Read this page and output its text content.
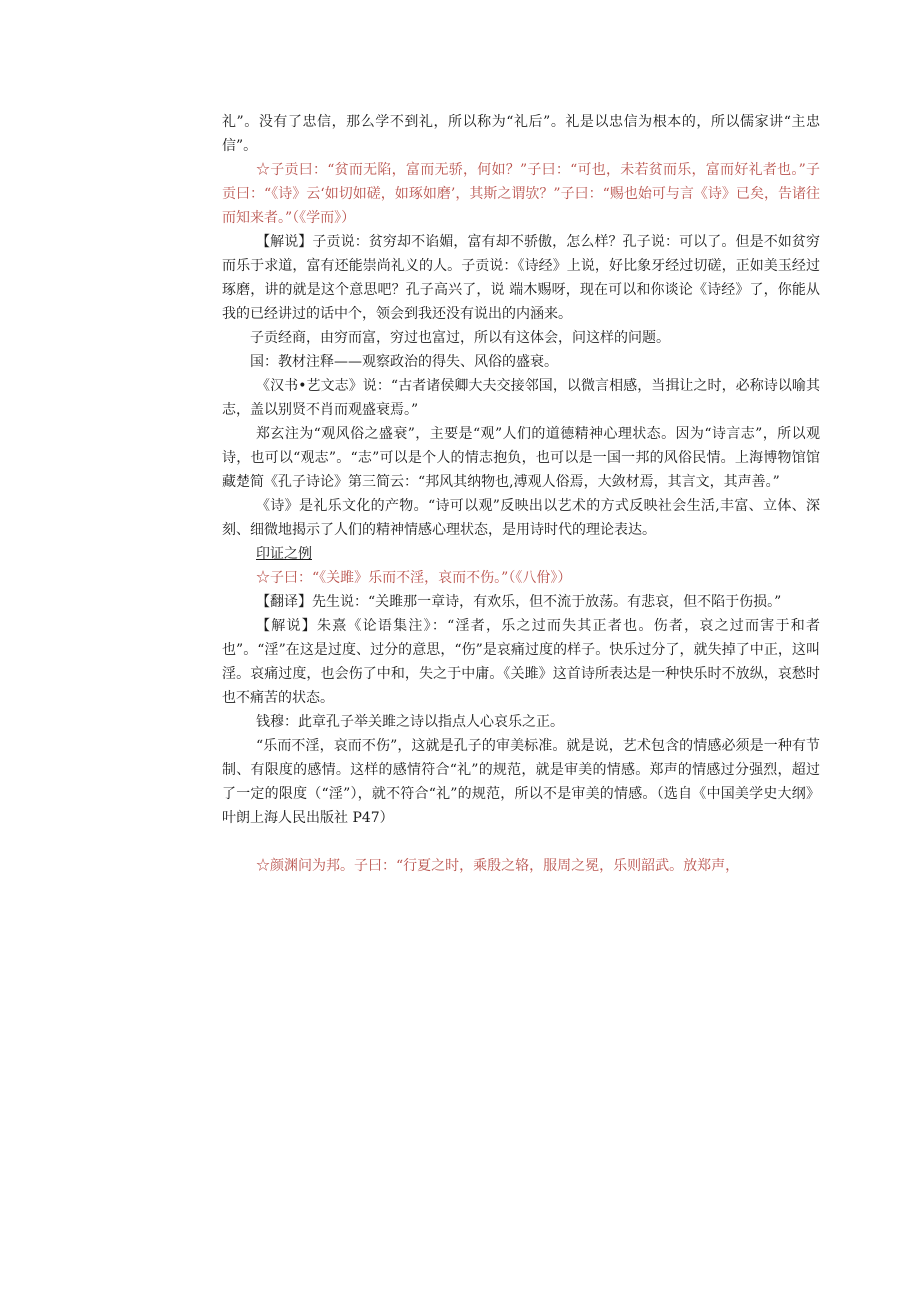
礼”。没有了忠信，那么学不到礼，所以称为“礼后”。礼是以忠信为根本的，所以儒家讲“主忠信”。

☆子贡曰：“贫而无陷，富而无骄，何如？”子曰：“可也，未若贫而乐，富而好礼者也。”子贡曰：“《诗》云‘如切如磋，如琢如磨’，其斯之谓欤？”子曰：“赐也始可与言《诗》已矣，告诸往而知来者。”（《学而》）

【解说】子贡说：贫穷却不谄媚，富有却不骄傲，怎么样？孔子说：可以了。但是不如贫穷而乐于求道，富有还能崇尚礼义的人。子贡说：《诗经》上说，好比象牙经过切磋，正如美玉经过琢磨，讲的就是这个意思吧？孔子高兴了，说 端木赐呀，现在可以和你谈论《诗经》了，你能从我的已经讲过的话中个，领会到我还没有说出的内涵来。

子贡经商，由穷而富，穷过也富过，所以有这体会，问这样的问题。

国：教材注释——观察政治的得失、风俗的盛衰。

《汉书•艺文志》说：“古者诸侯卿大夫交接邻国，以微言相感，当揖让之时，必称诗以喻其志，盖以别贤不肖而观盛衰焉。”

郑玄注为“观风俗之盛衰”，主要是“观”人们的道德精神心理状态。因为“诗言志”，所以观诗，也可以“观志”。“志”可以是个人的情志抱负，也可以是一国一邦的风俗民情。上海博物馆馆藏楚简《孔子诗论》第三简云：“邦风其纳物也,溥观人俗焉，大敛材焉，其言文，其声善。”

《诗》是礼乐文化的产物。“诗可以观”反映出以艺术的方式反映社会生活,丰富、立体、深刻、细微地揭示了人们的精神情感心理状态，是用诗时代的理论表达。

印证之例

☆子曰：“《关雎》乐而不淫，哀而不伤。”（《八佾》）

【翻译】先生说：“关雎那一章诗，有欢乐，但不流于放荡。有悲哀，但不陷于伤损。”

【解说】朱熹《论语集注》：“淫者，乐之过而失其正者也。伤者，哀之过而害于和者也”。“淫”在这是过度、过分的意思，“伤”是哀痛过度的样子。快乐过分了，就失掉了中正，这叫淫。哀痛过度，也会伤了中和，失之于中庸。《关雎》这首诗所表达是一种快乐时不放纵，哀愁时也不痛苦的状态。

钱穆：此章孔子举关雎之诗以指点人心哀乐之正。

“乐而不淫，哀而不伤”，这就是孔子的审美标准。就是说，艺术包含的情感必须是一种有节制、有限度的感情。这样的感情符合“礼”的规范，就是审美的情感。郑声的情感过分强烈，超过了一定的限度（“淫”），就不符合“礼”的规范，所以不是审美的情感。（选自《中国美学史大纲》叶朗上海人民出版社 P47）

☆颜渊问为邦。子曰：“行夏之时，乘殷之辂，服周之冕，乐则韶武。放郑声，
